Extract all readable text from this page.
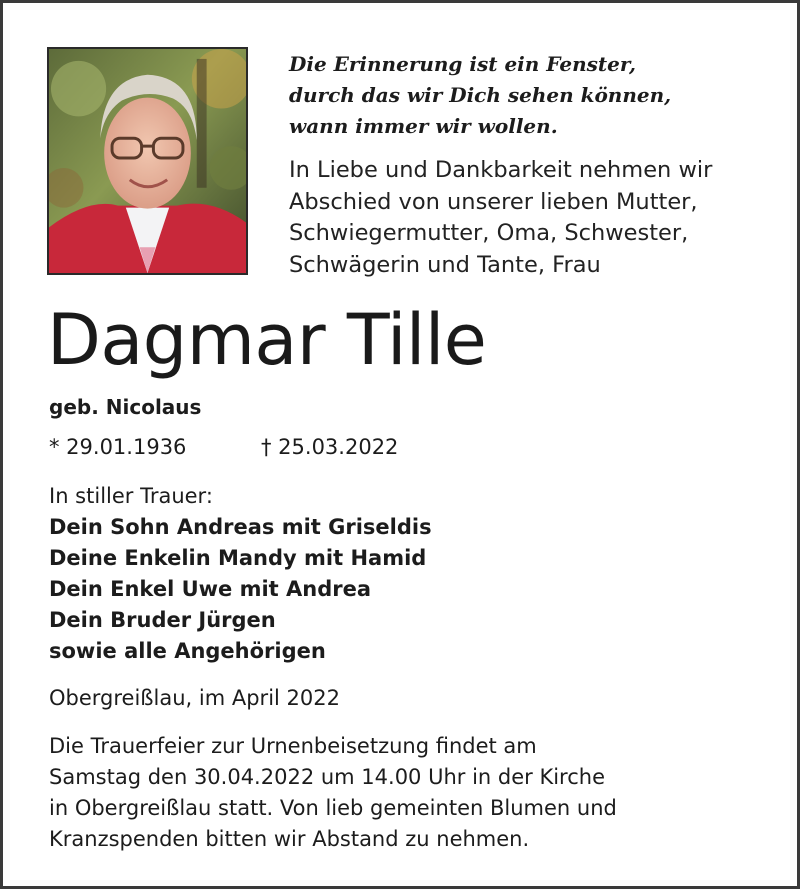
Die Erinnerung ist ein Fenster,
durch das wir Dich sehen können,
wann immer wir wollen.
In Liebe und Dankbarkeit nehmen wir
Abschied von unserer lieben Mutter,
Schwiegermutter, Oma, Schwester,
Schwägerin und Tante, Frau
Dagmar Tille
geb. Nicolaus
* 29.01.1936	† 25.03.2022
In stiller Trauer:
Dein Sohn Andreas mit Griseldis
Deine Enkelin Mandy mit Hamid
Dein Enkel Uwe mit Andrea
Dein Bruder Jürgen
sowie alle Angehörigen
Obergreißlau, im April 2022
Die Trauerfeier zur Urnenbeisetzung findet am
Samstag den 30.04.2022 um 14.00 Uhr in der Kirche
in Obergreißlau statt. Von lieb gemeinten Blumen und
Kranzspenden bitten wir Abstand zu nehmen.
